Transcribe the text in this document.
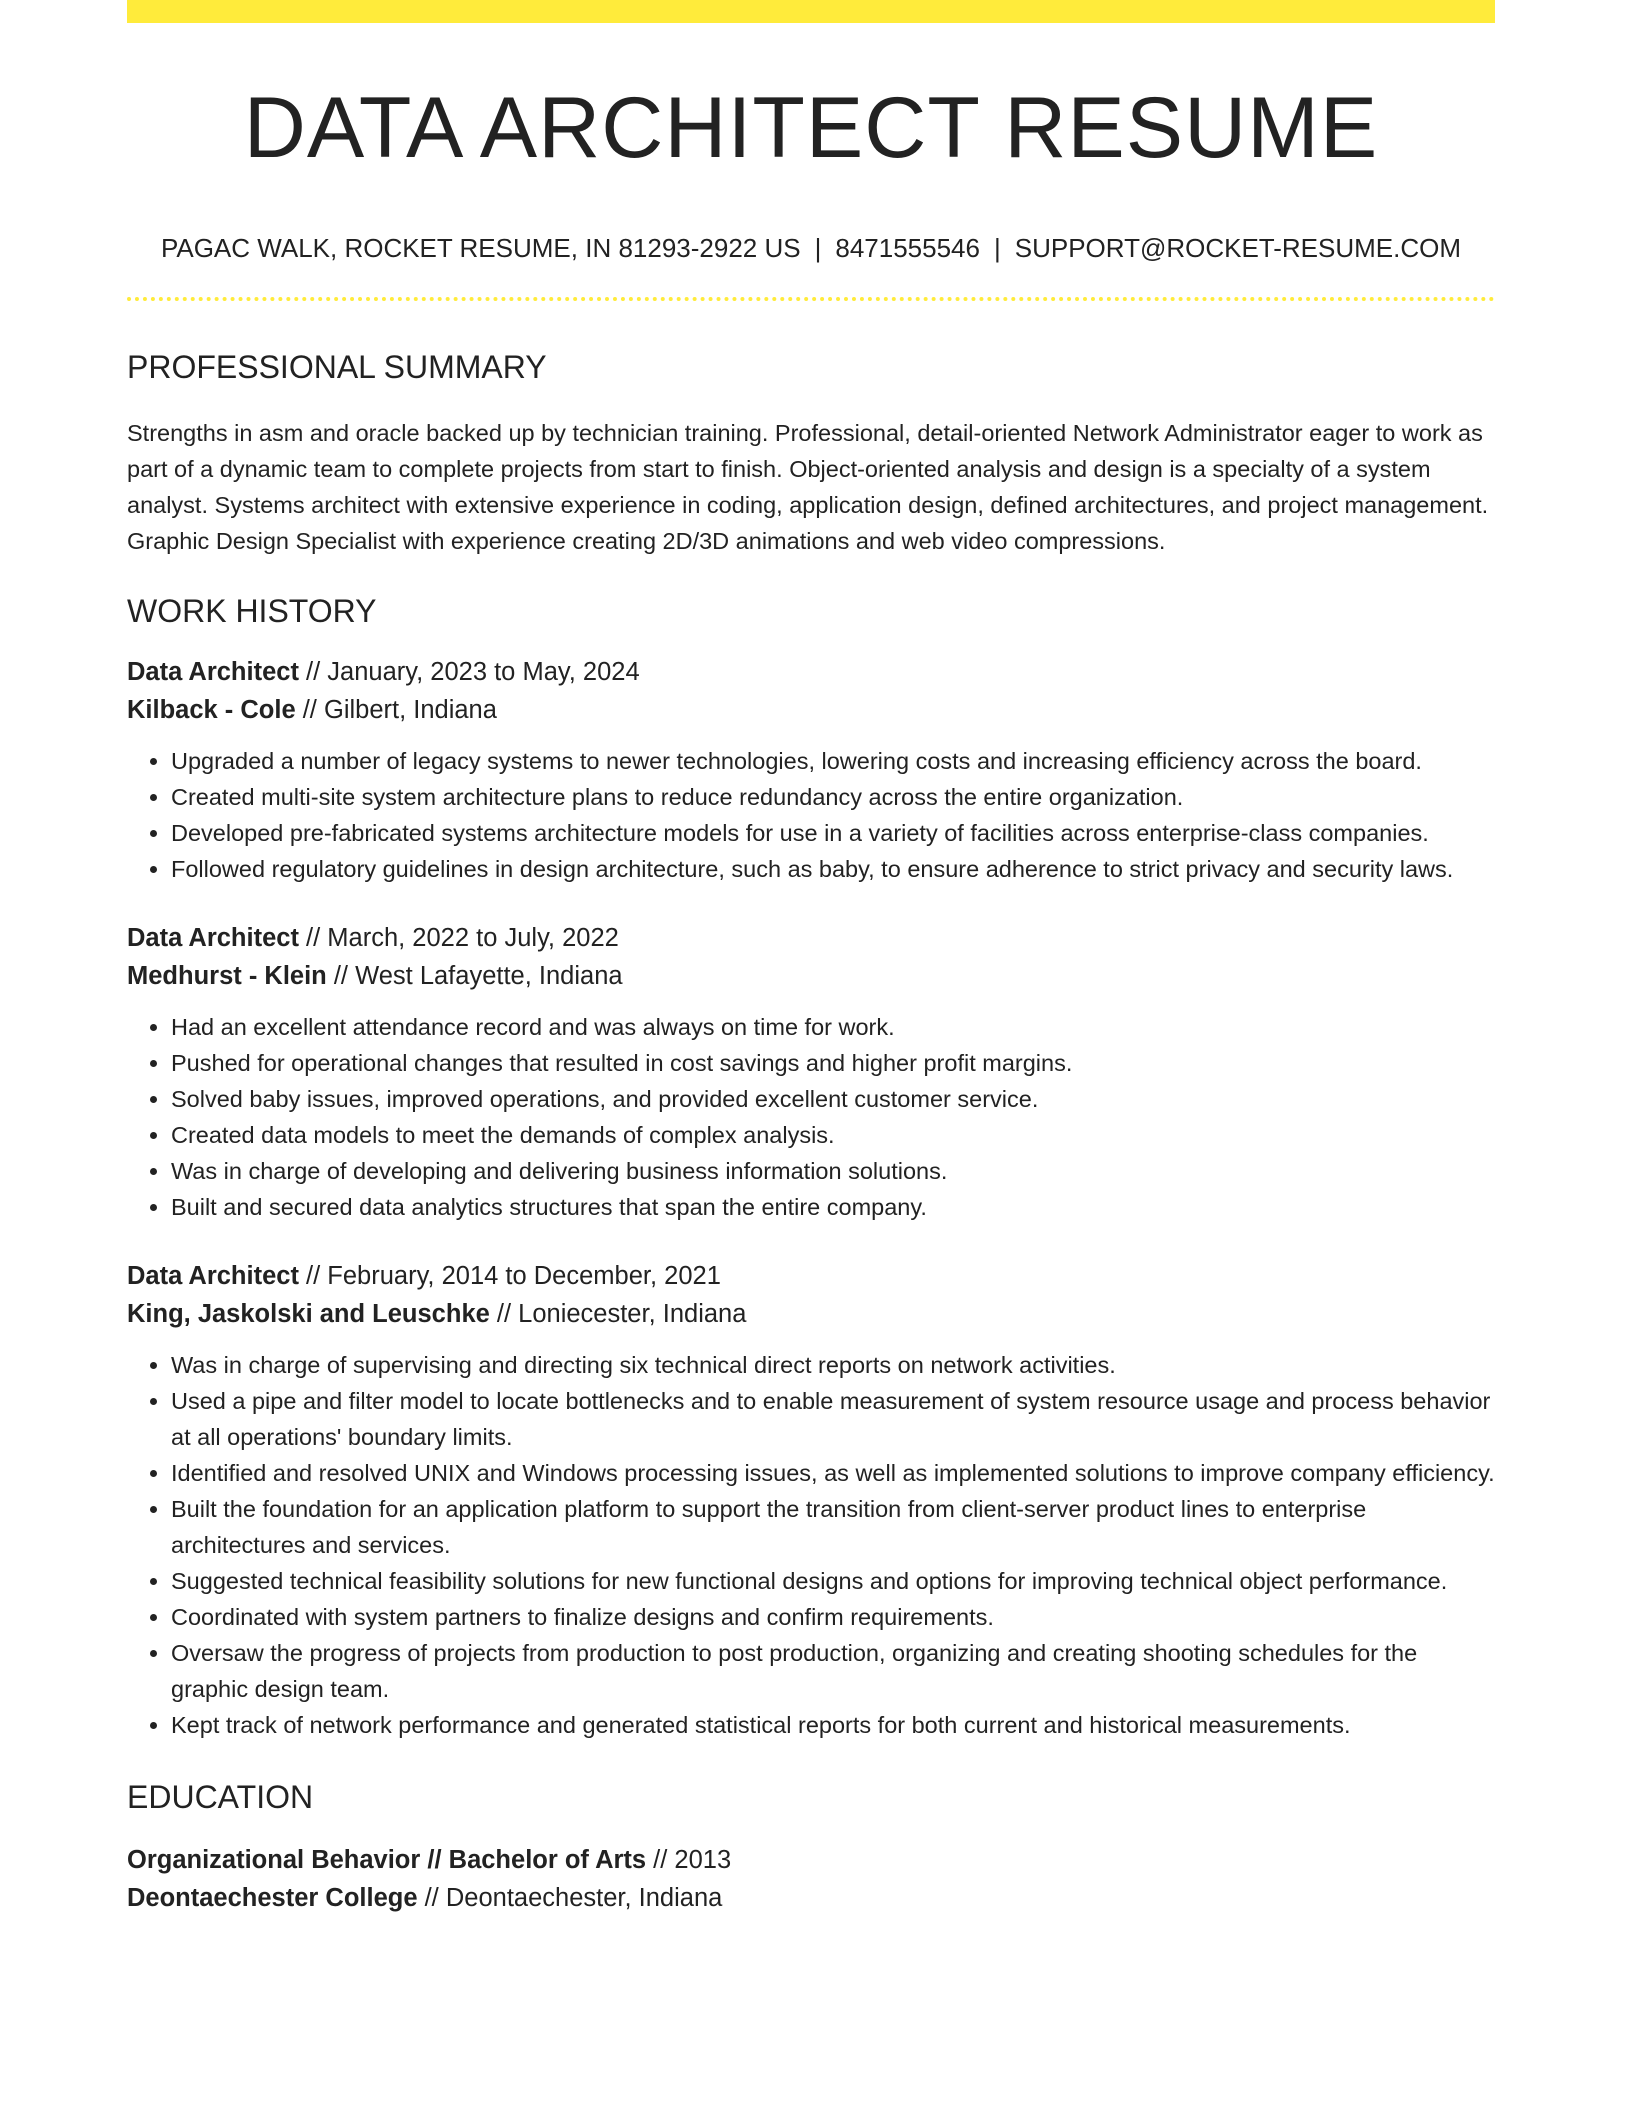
DATA ARCHITECT RESUME
PAGAC WALK, ROCKET RESUME, IN 81293-2922 US | 8471555546 | SUPPORT@ROCKET-RESUME.COM
PROFESSIONAL SUMMARY

Strengths in asm and oracle backed up by technician training. Professional, detail-oriented Network Administrator eager to work as part of a dynamic team to complete projects from start to finish. Object-oriented analysis and design is a specialty of a system analyst. Systems architect with extensive experience in coding, application design, defined architectures, and project management. Graphic Design Specialist with experience creating 2D/3D animations and web video compressions.

WORK HISTORY
Data Architect // January, 2023 to May, 2024
Kilback - Cole // Gilbert, Indiana
• Upgraded a number of legacy systems to newer technologies, lowering costs and increasing efficiency across the board.
• Created multi-site system architecture plans to reduce redundancy across the entire organization.
• Developed pre-fabricated systems architecture models for use in a variety of facilities across enterprise-class companies.
• Followed regulatory guidelines in design architecture, such as baby, to ensure adherence to strict privacy and security laws.
Data Architect // March, 2022 to July, 2022
Medhurst - Klein // West Lafayette, Indiana
• Had an excellent attendance record and was always on time for work.
• Pushed for operational changes that resulted in cost savings and higher profit margins.
• Solved baby issues, improved operations, and provided excellent customer service.
• Created data models to meet the demands of complex analysis.
• Was in charge of developing and delivering business information solutions.
• Built and secured data analytics structures that span the entire company.
Data Architect // February, 2014 to December, 2021
King, Jaskolski and Leuschke // Loniecester, Indiana
• Was in charge of supervising and directing six technical direct reports on network activities.
• Used a pipe and filter model to locate bottlenecks and to enable measurement of system resource usage and process behavior at all operations' boundary limits.
• Identified and resolved UNIX and Windows processing issues, as well as implemented solutions to improve company efficiency.
• Built the foundation for an application platform to support the transition from client-server product lines to enterprise architectures and services.
• Suggested technical feasibility solutions for new functional designs and options for improving technical object performance.
• Coordinated with system partners to finalize designs and confirm requirements.
• Oversaw the progress of projects from production to post production, organizing and creating shooting schedules for the graphic design team.
• Kept track of network performance and generated statistical reports for both current and historical measurements.
EDUCATION
Organizational Behavior // Bachelor of Arts // 2013
Deontaechester College // Deontaechester, Indiana
